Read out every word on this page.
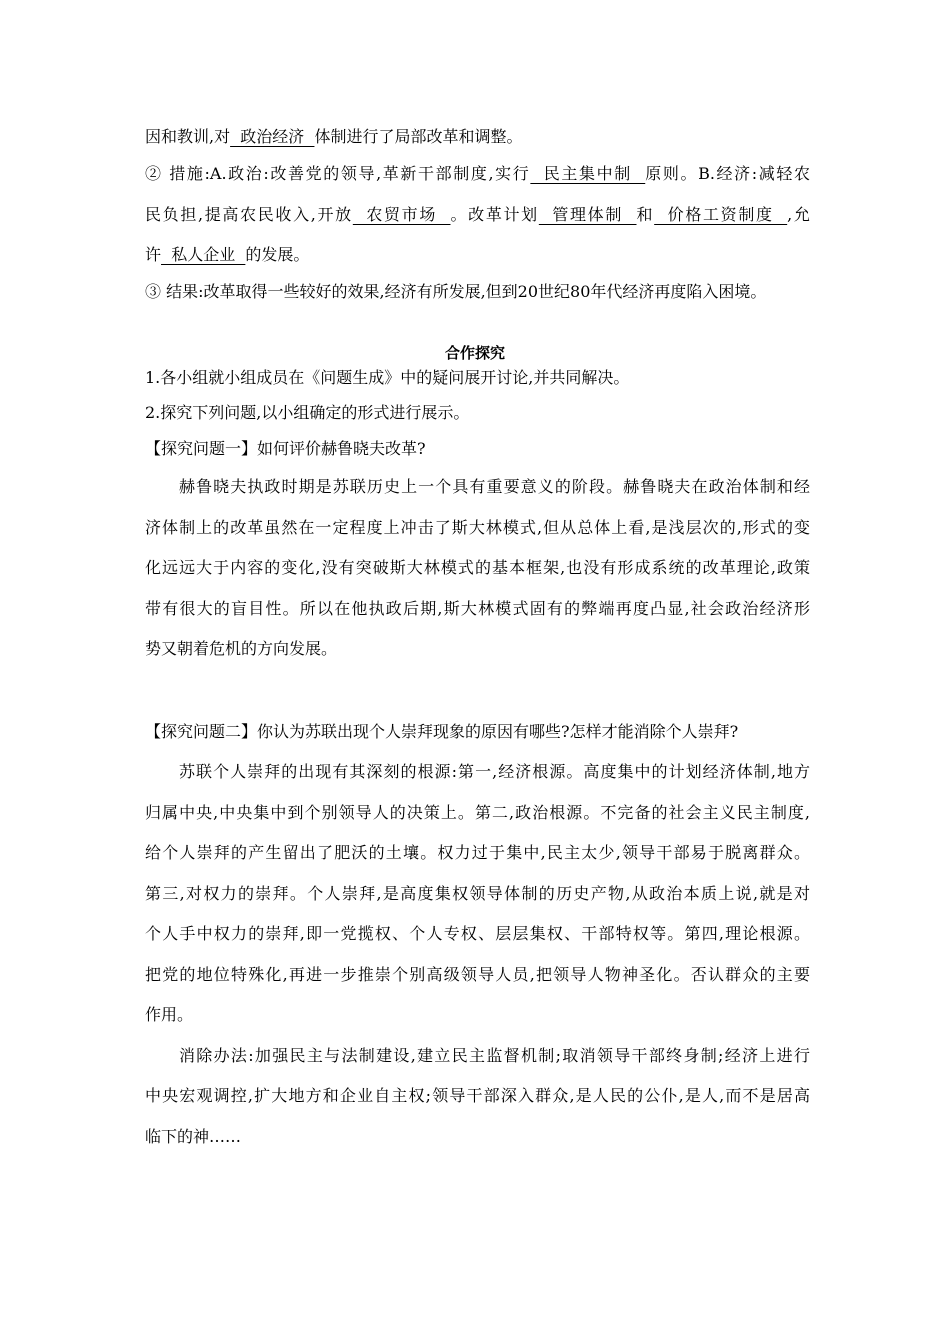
因和教训,对  政治经济  体制进行了局部改革和调整。
② 措施:A.政治:改善党的领导,革新干部制度,实行  民主集中制  原则。B.经济:减轻农
民负担,提高农民收入,开放  农贸市场  。改革计划  管理体制  和  价格工资制度  ,允
许  私人企业  的发展。
③ 结果:改革取得一些较好的效果,经济有所发展,但到20世纪80年代经济再度陷入困境。
合作探究
1.各小组就小组成员在《问题生成》中的疑问展开讨论,并共同解决。
2.探究下列问题,以小组确定的形式进行展示。
【探究问题一】如何评价赫鲁晓夫改革?
赫鲁晓夫执政时期是苏联历史上一个具有重要意义的阶段。赫鲁晓夫在政治体制和经
济体制上的改革虽然在一定程度上冲击了斯大林模式,但从总体上看,是浅层次的,形式的变
化远远大于内容的变化,没有突破斯大林模式的基本框架,也没有形成系统的改革理论,政策
带有很大的盲目性。所以在他执政后期,斯大林模式固有的弊端再度凸显,社会政治经济形
势又朝着危机的方向发展。
【探究问题二】你认为苏联出现个人崇拜现象的原因有哪些?怎样才能消除个人崇拜?
苏联个人崇拜的出现有其深刻的根源:第一,经济根源。高度集中的计划经济体制,地方
归属中央,中央集中到个别领导人的决策上。第二,政治根源。不完备的社会主义民主制度,
给个人崇拜的产生留出了肥沃的土壤。权力过于集中,民主太少,领导干部易于脱离群众。
第三,对权力的崇拜。个人崇拜,是高度集权领导体制的历史产物,从政治本质上说,就是对
个人手中权力的崇拜,即一党揽权、个人专权、层层集权、干部特权等。第四,理论根源。
把党的地位特殊化,再进一步推崇个别高级领导人员,把领导人物神圣化。否认群众的主要
作用。
消除办法:加强民主与法制建设,建立民主监督机制;取消领导干部终身制;经济上进行
中央宏观调控,扩大地方和企业自主权;领导干部深入群众,是人民的公仆,是人,而不是居高
临下的神……
